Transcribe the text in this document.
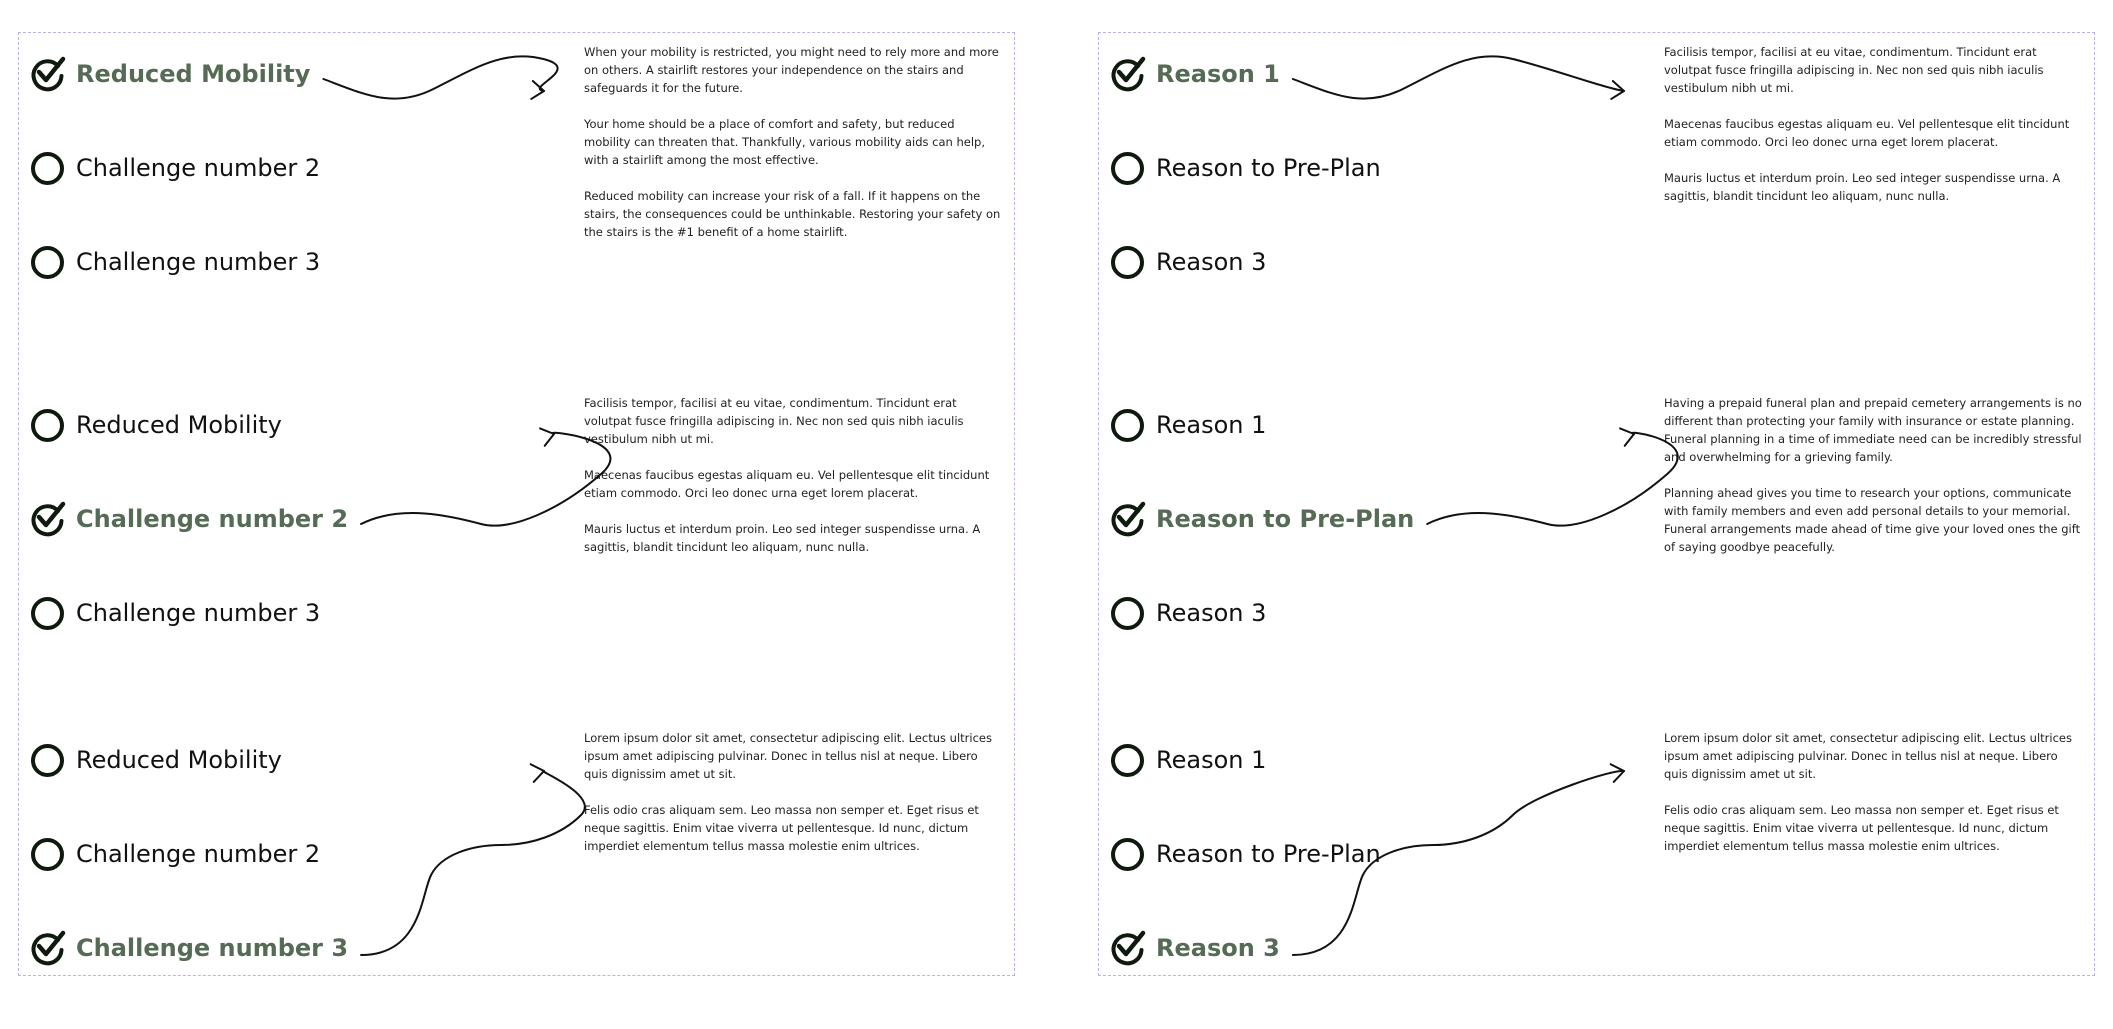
Reduced Mobility
Challenge number 2
Challenge number 3

When your mobility is restricted, you might need to rely more and more on others. A stairlift restores your independence on the stairs and safeguards it for the future.

Your home should be a place of comfort and safety, but reduced mobility can threaten that. Thankfully, various mobility aids can help, with a stairlift among the most effective.

Reduced mobility can increase your risk of a fall. If it happens on the stairs, the consequences could be unthinkable. Restoring your safety on the stairs is the #1 benefit of a home stairlift.

Reduced Mobility
Challenge number 2
Challenge number 3

Facilisis tempor, facilisi at eu vitae, condimentum. Tincidunt erat volutpat fusce fringilla adipiscing in. Nec non sed quis nibh iaculis vestibulum nibh ut mi.

Maecenas faucibus egestas aliquam eu. Vel pellentesque elit tincidunt etiam commodo. Orci leo donec urna eget lorem placerat.

Mauris luctus et interdum proin. Leo sed integer suspendisse urna. A sagittis, blandit tincidunt leo aliquam, nunc nulla.

Reduced Mobility
Challenge number 2
Challenge number 3

Lorem ipsum dolor sit amet, consectetur adipiscing elit. Lectus ultrices ipsum amet adipiscing pulvinar. Donec in tellus nisl at neque. Libero quis dignissim amet ut sit.

Felis odio cras aliquam sem. Leo massa non semper et. Eget risus et neque sagittis. Enim vitae viverra ut pellentesque. Id nunc, dictum imperdiet elementum tellus massa molestie enim ultrices.

Reason 1
Reason to Pre-Plan
Reason 3

Facilisis tempor, facilisi at eu vitae, condimentum. Tincidunt erat volutpat fusce fringilla adipiscing in. Nec non sed quis nibh iaculis vestibulum nibh ut mi.

Maecenas faucibus egestas aliquam eu. Vel pellentesque elit tincidunt etiam commodo. Orci leo donec urna eget lorem placerat.

Mauris luctus et interdum proin. Leo sed integer suspendisse urna. A sagittis, blandit tincidunt leo aliquam, nunc nulla.

Reason 1
Reason to Pre-Plan
Reason 3

Having a prepaid funeral plan and prepaid cemetery arrangements is no different than protecting your family with insurance or estate planning. Funeral planning in a time of immediate need can be incredibly stressful and overwhelming for a grieving family.

Planning ahead gives you time to research your options, communicate with family members and even add personal details to your memorial. Funeral arrangements made ahead of time give your loved ones the gift of saying goodbye peacefully.

Reason 1
Reason to Pre-Plan
Reason 3

Lorem ipsum dolor sit amet, consectetur adipiscing elit. Lectus ultrices ipsum amet adipiscing pulvinar. Donec in tellus nisl at neque. Libero quis dignissim amet ut sit.

Felis odio cras aliquam sem. Leo massa non semper et. Eget risus et neque sagittis. Enim vitae viverra ut pellentesque. Id nunc, dictum imperdiet elementum tellus massa molestie enim ultrices.
